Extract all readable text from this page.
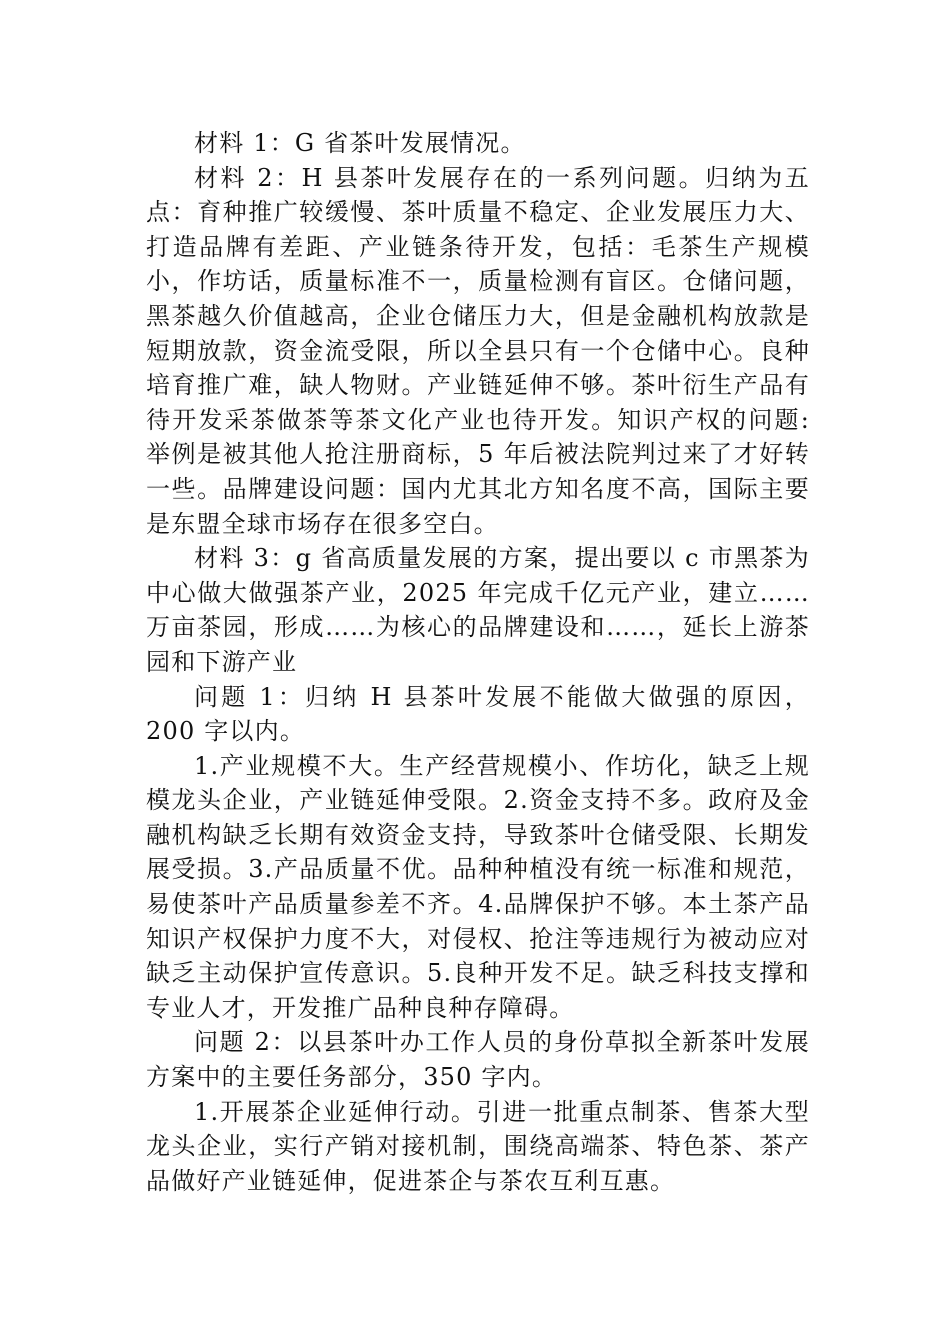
材料 1：G 省茶叶发展情况。

材料 2：H 县茶叶发展存在的一系列问题。归纳为五点：育种推广较缓慢、茶叶质量不稳定、企业发展压力大、打造品牌有差距、产业链条待开发，包括：毛茶生产规模小，作坊话，质量标准不一，质量检测有盲区。仓储问题，黑茶越久价值越高，企业仓储压力大，但是金融机构放款是短期放款，资金流受限，所以全县只有一个仓储中心。良种培育推广难，缺人物财。产业链延伸不够。茶叶衍生产品有待开发采茶做茶等茶文化产业也待开发。知识产权的问题:举例是被其他人抢注册商标，5 年后被法院判过来了才好转一些。品牌建设问题：国内尤其北方知名度不高，国际主要是东盟全球市场存在很多空白。

材料 3：g 省高质量发展的方案，提出要以 c 市黑茶为中心做大做强茶产业，2025 年完成千亿元产业，建立……万亩茶园，形成……为核心的品牌建设和……，延长上游茶园和下游产业

问题 1：归纳 H 县茶叶发展不能做大做强的原因，200 字以内。

1.产业规模不大。生产经营规模小、作坊化，缺乏上规模龙头企业，产业链延伸受限。2.资金支持不多。政府及金融机构缺乏长期有效资金支持，导致茶叶仓储受限、长期发展受损。3.产品质量不优。品种种植没有统一标准和规范，易使茶叶产品质量参差不齐。4.品牌保护不够。本土茶产品知识产权保护力度不大，对侵权、抢注等违规行为被动应对缺乏主动保护宣传意识。5.良种开发不足。缺乏科技支撑和专业人才，开发推广品种良种存障碍。

问题 2：以县茶叶办工作人员的身份草拟全新茶叶发展方案中的主要任务部分，350 字内。

1.开展茶企业延伸行动。引进一批重点制茶、售茶大型龙头企业，实行产销对接机制，围绕高端茶、特色茶、茶产品做好产业链延伸，促进茶企与茶农互利互惠。
